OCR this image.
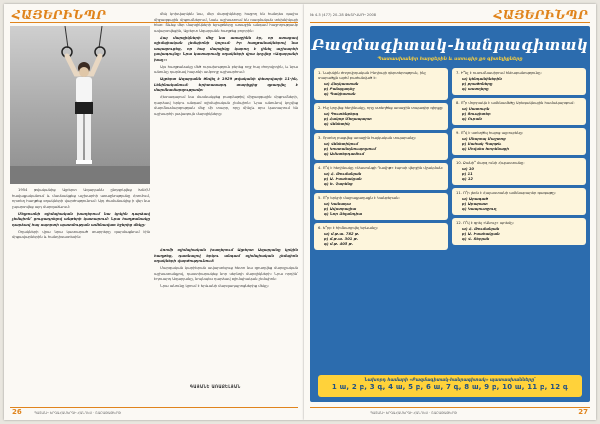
ՀԱՅԵՐԻՆՊՐ	մեկ կոխվարկեն նա, մեր մարզիկները հաջող են հանդես գալիս միջազգային մրցումներում, նաև աշխատում են ռազմական տեխնիկայի հետ։ Տևեց մեր մարզիկների ելույթները առաջին անգամ հաջողությամբ ավարտվեցին, Ալբերտ Ազարյանն հաղթեց բոլորին։

Հայ մարզիկների մեջ նա առաջինն էր, որ ստացավ օլիմպիական չեմպիոնի կոչում։ Իր հաղթանակներով նա ապացուցեց, որ հայ մարզիկը կարող է լինել աշխարհի լավագույնը։ Նրա կատարումը օղակների վրա կոչվեց «Ազարյանի խաչ»։

Այս հաղթանակը մեծ ուրախություն բերեց ողջ հայ ժողովրդին, և նրա անունը դարձավ հայտնի ամբողջ աշխարհում։

Ալբերտ Ազարյանն ծնվել է 1929 թվականի փետրվարի 11-ին, Լենինականում։ Երիտասարդ տարիքից զբաղվել է մարմնամարզությամբ։

Հետագայում նա մասնակցեց բազմաթիվ միջազգային մրցումների, դարձավ երկու անգամ օլիմպիական չեմպիոն։ Նրա անունով կոչվեց մարմնամարզության մեջ մի տարր, որը մինչև օրս կատարում են աշխարհի լավագույն մարզիկները։

1954 թվականից Ալբերտ Ազարյանն ընդգրկվեց ԽՍՀՄ հավաքականում և մասնակցեց աշխարհի առաջնությանը Հռոմում, որտեղ հաղթեց օղակների վարժությունում։ Այդ ժամանակից ի վեր նա չպարտվեց այդ մարզաձևում։

Մելբուռնի օլիմպիական խաղերում նա կրկին դարձավ չեմպիոն՝ ցուցադրելով անթերի կատարում։ Նրա հաղթանակը դարձավ հայ սպորտի պատմության ամենավառ էջերից մեկը։

Օղակների վրա նրա կատարած տարրերը զարմացնում էին մրցավարներին և հանդիսատեսին։

Հռոմի օլիմպիական խաղերում Ալբերտ Ազարյանը կրկին հաղթեց, դառնալով երկու անգամ օլիմպիական չեմպիոն օղակների վարժությունում։

Մարզական կարիերան ավարտելուց հետո նա զբաղվեց մարզչական աշխատանքով, դաստիարակեց նոր սերնդի մարզիկների։ Նրա որդին՝ Էդուարդ Ազարյանը, նույնպես դարձավ օլիմպիական չեմպիոն։

Նրա անունը կրում է Երևանի մարզադպրոցներից մեկը։

ԳԱՅԱՆԵ ԱՌԱՔԵԼՅԱՆ
26	ՊԱՏԱՆԻ ԵՐԳԱՀԱՄԵՐԳԻ ՀԱՆԴԵՍ · ՇԱԲԱԹԱԹԵՐԹ
№ 4-5 (477) 20–28 ՓԵՏՐՎԱՐԻ 2008	ՀԱՅԵՐԻՆՊՐ
Բազմագիտակ-հանրագիտակ
Պատասխանիր հարցերին և ստուգիր քո գիտելիքները
1. Նախկին ժողովրդական Ինդիայի գերտերություն, ինչ տարածքն այժմ բաժանված է։
ա) Հնդկաստան
բ) Բանգլադեշ
գ) Պակիստան
2. Ինչ կոչվեց հեղինակը, որը ստեղծեց առաջին տպագիր գիրքը։
ա) Գուտենբերգ
բ) Հակոբ Մեղապարտ
գ) Վենետիկ
3. Որտեղ բացվեց առաջին հայկական տպարանը։
ա) Վենետիկում
բ) Կոստանդնուպոլսում
գ) Ամստերդամում
4. Ո՞վ է հեղինակը «Սասունցի Դավիթ» էպոսի վերջին մշակման։
ա) Հ. Թումանյան
բ) Ա. Իսահակյան
գ) Ե. Չարենց
5. Ո՞ր երկրի մայրաքաղաքն է Կանբերան։
ա) Կանադա
բ) Ավստրալիա
գ) Նոր Զելանդիա
6. Ե՞րբ է հիմնադրվել Երևանը։
ա) մ.թ.ա. 782 թ.
բ) մ.թ.ա. 301 թ.
գ) մ.թ. 405 թ.
7. Ի՞նչ է ուսումնասիրում հնէաբանությունը։
ա) կենդանիներին
բ) բրածոները
գ) աստղերը
8. Ո՞ր մոլորակն է ամենամեծը Արեգակնային համակարգում։
ա) Սատուրն
բ) Յուպիտեր
գ) Ուրան
9. Ո՞վ է ստեղծել հայոց այբուբենը։
ա) Մեսրոպ Մաշտոց
բ) Սահակ Պարթև
գ) Մովսես Խորենացի
10. Քանի՞ մարզ ունի Հայաստանը։
ա) 10
բ) 11
գ) 12
11. Ո՞ր լեռն է Հայաստանի ամենաբարձր գագաթը։
ա) Արագած
բ) Արարատ
գ) Կապուտջուղ
12. Ո՞վ է գրել «Անուշ» պոեմը։
ա) Հ. Թումանյան
բ) Ա. Իսահակյան
գ) Վ. Տերյան
Նախորդ համարի «Բազմագիտակ-հանրագիտակ» պատասխանները՝
1 ա, 2 բ, 3 գ, 4 ա, 5 բ, 6 ա, 7 գ, 8 ա, 9 բ, 10 ա, 11 բ, 12 գ
ՊԱՏԱՆԻ ԵՐԳԱՀԱՄԵՐԳԻ ՀԱՆԴԵՍ · ՇԱԲԱԹԱԹԵՐԹ	27
